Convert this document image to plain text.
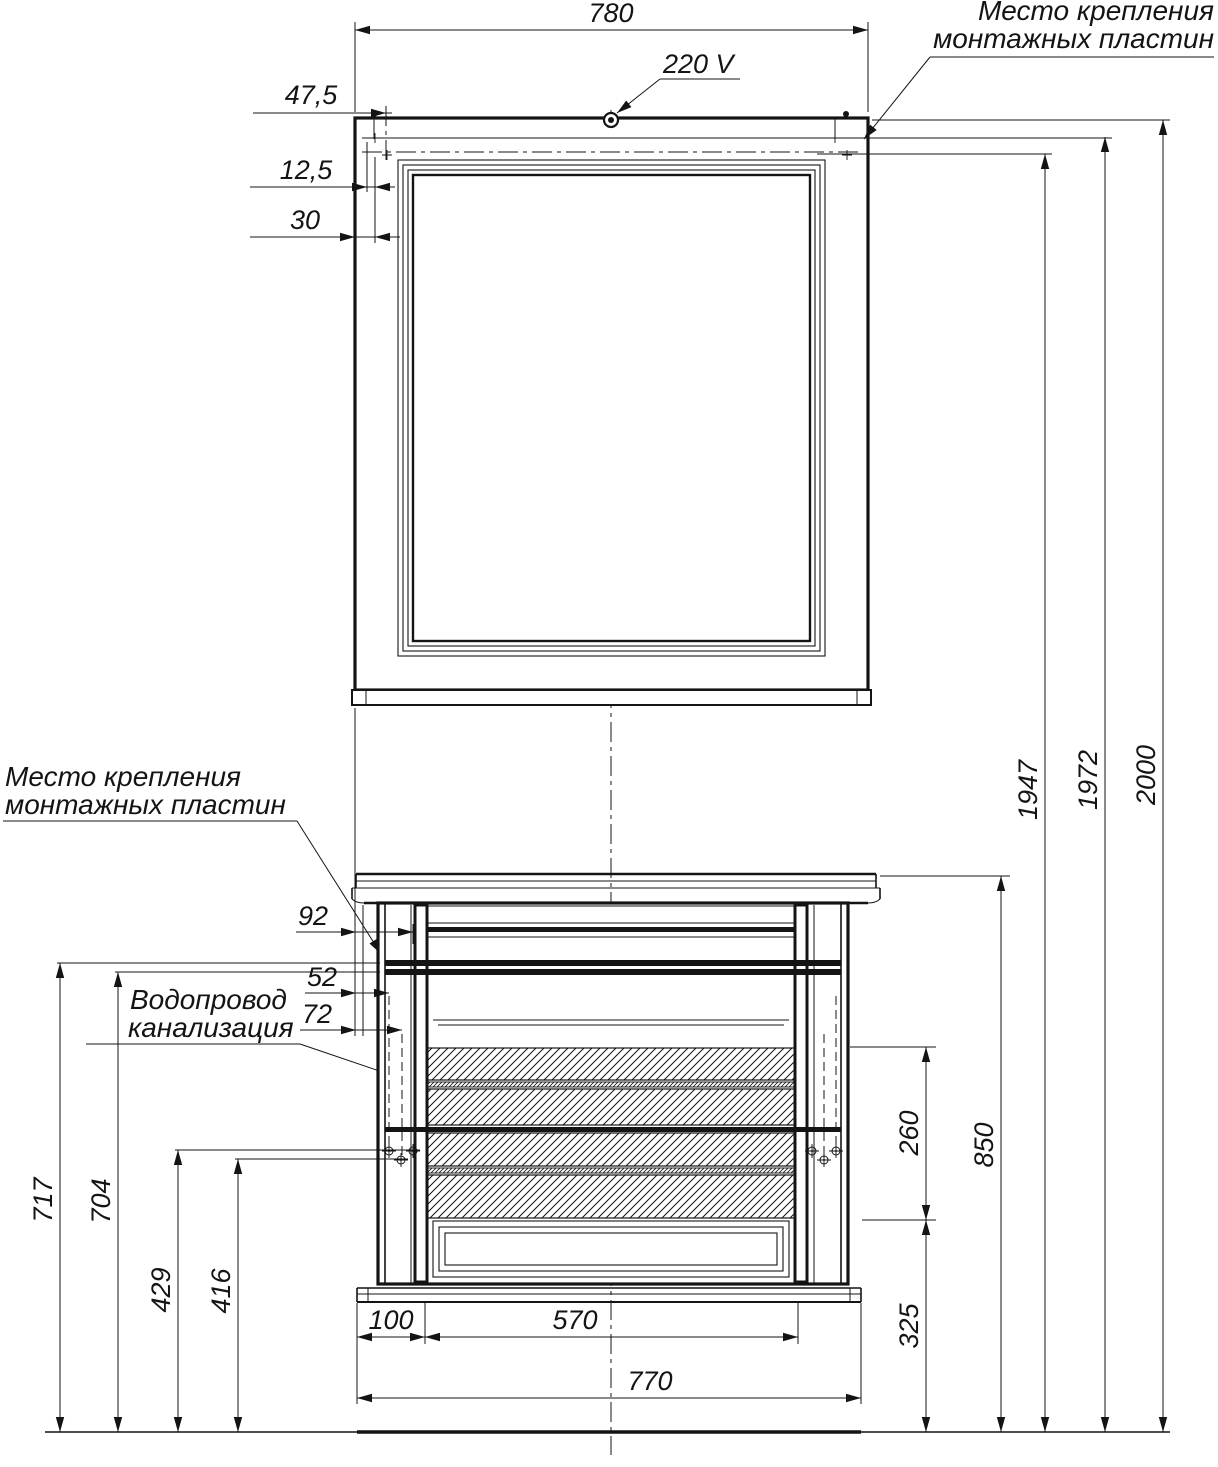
780
47,5
12,5
30
Место крепления
монтажных пластин
220 V
Место крепления
монтажных пластин
Водопровод
канализация
92
52
72
717 704
429 416
2000
1972
1947
850
260
325
100	570
770
